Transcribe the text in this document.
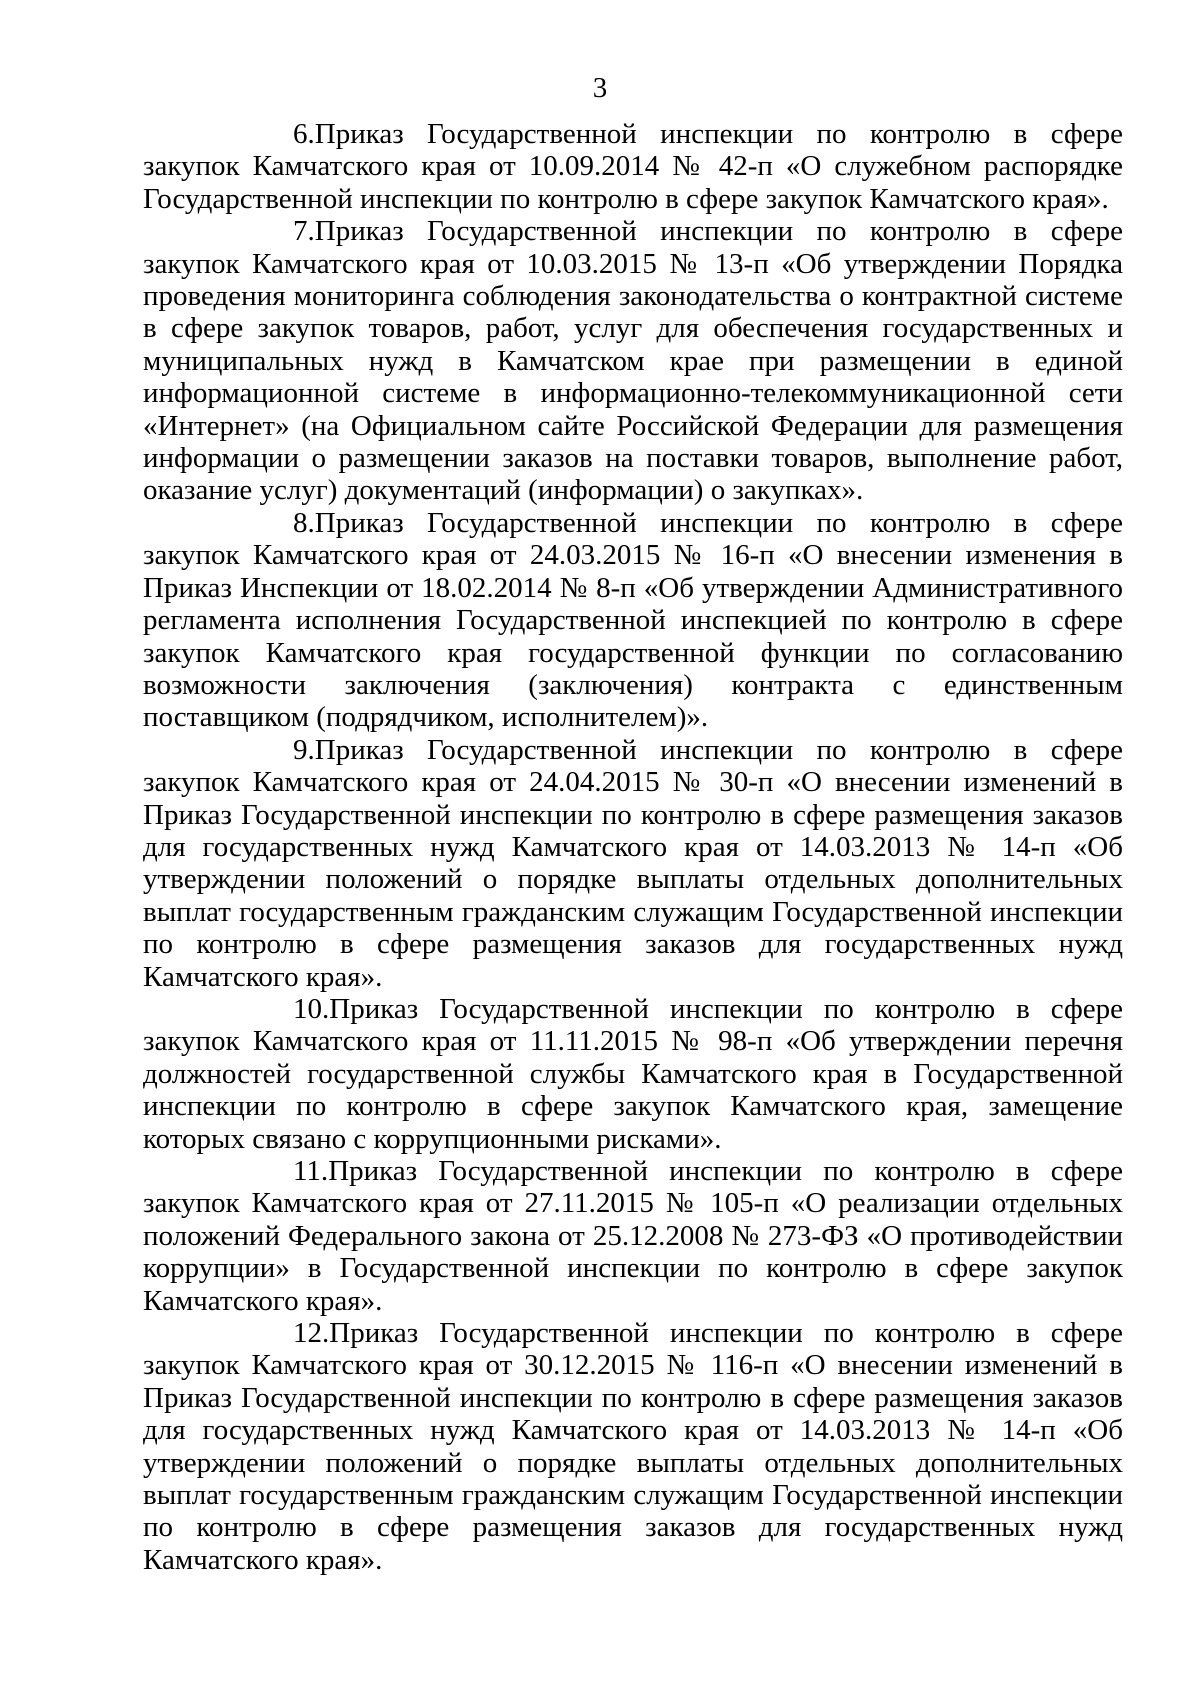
3

6.Приказ Государственной инспекции по контролю в сфере закупок Камчатского края от 10.09.2014 № 42-п «О служебном распорядке Государственной инспекции по контролю в сфере закупок Камчатского края».

7.Приказ Государственной инспекции по контролю в сфере закупок Камчатского края от 10.03.2015 № 13-п «Об утверждении Порядка проведения мониторинга соблюдения законодательства о контрактной системе в сфере закупок товаров, работ, услуг для обеспечения государственных и муниципальных нужд в Камчатском крае при размещении в единой информационной системе в информационно-телекоммуникационной сети «Интернет» (на Официальном сайте Российской Федерации для размещения информации о размещении заказов на поставки товаров, выполнение работ, оказание услуг) документаций (информации) о закупках».

8.Приказ Государственной инспекции по контролю в сфере закупок Камчатского края от 24.03.2015 № 16-п «О внесении изменения в Приказ Инспекции от 18.02.2014 № 8-п «Об утверждении Административного регламента исполнения Государственной инспекцией по контролю в сфере закупок Камчатского края государственной функции по согласованию возможности заключения (заключения) контракта с единственным поставщиком (подрядчиком, исполнителем)».

9.Приказ Государственной инспекции по контролю в сфере закупок Камчатского края от 24.04.2015 № 30-п «О внесении изменений в Приказ Государственной инспекции по контролю в сфере размещения заказов для государственных нужд Камчатского края от 14.03.2013 № 14-п «Об утверждении положений о порядке выплаты отдельных дополнительных выплат государственным гражданским служащим Государственной инспекции по контролю в сфере размещения заказов для государственных нужд Камчатского края».

10.Приказ Государственной инспекции по контролю в сфере закупок Камчатского края от 11.11.2015 № 98-п «Об утверждении перечня должностей государственной службы Камчатского края в Государственной инспекции по контролю в сфере закупок Камчатского края, замещение которых связано с коррупционными рисками».

11.Приказ Государственной инспекции по контролю в сфере закупок Камчатского края от 27.11.2015 № 105-п «О реализации отдельных положений Федерального закона от 25.12.2008 № 273-ФЗ «О противодействии коррупции» в Государственной инспекции по контролю в сфере закупок Камчатского края».

12.Приказ Государственной инспекции по контролю в сфере закупок Камчатского края от 30.12.2015 № 116-п «О внесении изменений в Приказ Государственной инспекции по контролю в сфере размещения заказов для государственных нужд Камчатского края от 14.03.2013 № 14-п «Об утверждении положений о порядке выплаты отдельных дополнительных выплат государственным гражданским служащим Государственной инспекции по контролю в сфере размещения заказов для государственных нужд Камчатского края».
